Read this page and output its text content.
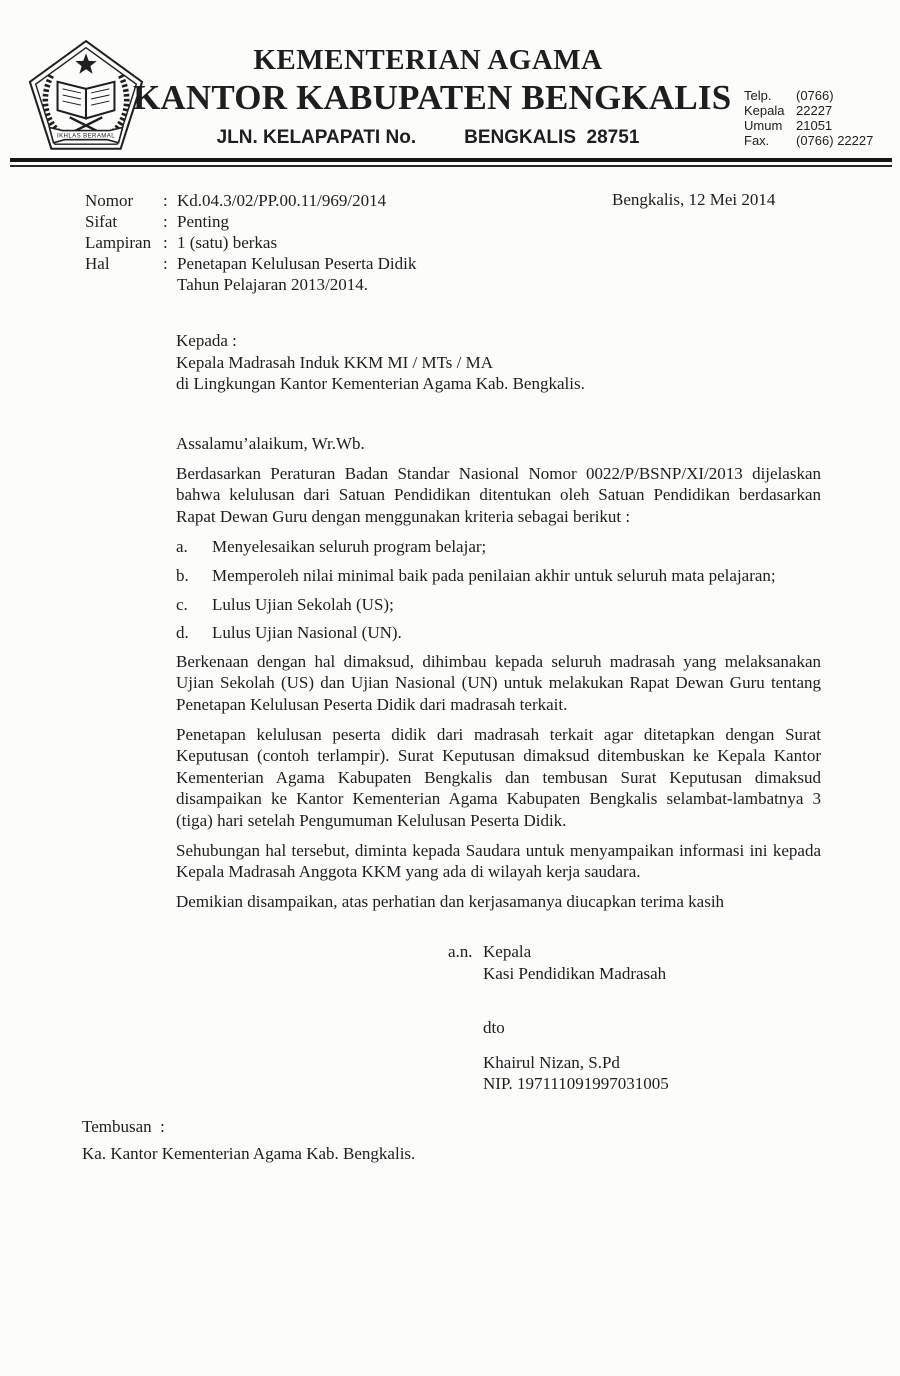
IKHLAS BERAMAL
KEMENTERIAN AGAMA
KANTOR KABUPATEN BENGKALIS
JLN. KELAPAPATI No.	BENGKALIS  28751
Telp.	(0766)
Kepala 22227
Umum	21051
Fax.	(0766) 22227
Nomor	: Kd.04.3/02/PP.00.11/969/2014
Sifat	: Penting
Lampiran : 1 (satu) berkas
Hal	: Penetapan Kelulusan Peserta Didik
Tahun Pelajaran 2013/2014.
Bengkalis, 12 Mei 2014
Kepada :
Kepala Madrasah Induk KKM MI / MTs / MA
di Lingkungan Kantor Kementerian Agama Kab. Bengkalis.
Assalamu’alaikum, Wr.Wb.

Berdasarkan Peraturan Badan Standar Nasional Nomor 0022/P/BSNP/XI/2013 dijelaskan bahwa kelulusan dari Satuan Pendidikan ditentukan oleh Satuan Pendidikan berdasarkan Rapat Dewan Guru dengan menggunakan kriteria sebagai berikut :

a.	Menyelesaikan seluruh program belajar;
b.	Memperoleh nilai minimal baik pada penilaian akhir untuk seluruh mata pelajaran;
c.	Lulus Ujian Sekolah (US);
d.	Lulus Ujian Nasional (UN).

Berkenaan dengan hal dimaksud, dihimbau kepada seluruh madrasah yang melaksanakan Ujian Sekolah (US) dan Ujian Nasional (UN) untuk melakukan Rapat Dewan Guru tentang Penetapan Kelulusan Peserta Didik dari madrasah terkait.

Penetapan kelulusan peserta didik dari madrasah terkait agar ditetapkan dengan Surat Keputusan (contoh terlampir). Surat Keputusan dimaksud ditembuskan ke Kepala Kantor Kementerian Agama Kabupaten Bengkalis dan tembusan Surat Keputusan dimaksud disampaikan ke Kantor Kementerian Agama Kabupaten Bengkalis selambat-lambatnya 3 (tiga) hari setelah Pengumuman Kelulusan Peserta Didik.

Sehubungan hal tersebut, diminta kepada Saudara untuk menyampaikan informasi ini kepada Kepala Madrasah Anggota KKM yang ada di wilayah kerja saudara.

Demikian disampaikan, atas perhatian dan kerjasamanya diucapkan terima kasih

a.n. Kepala
Kasi Pendidikan Madrasah
dto
Khairul Nizan, S.Pd
NIP. 197111091997031005
Tembusan  :
Ka. Kantor Kementerian Agama Kab. Bengkalis.
